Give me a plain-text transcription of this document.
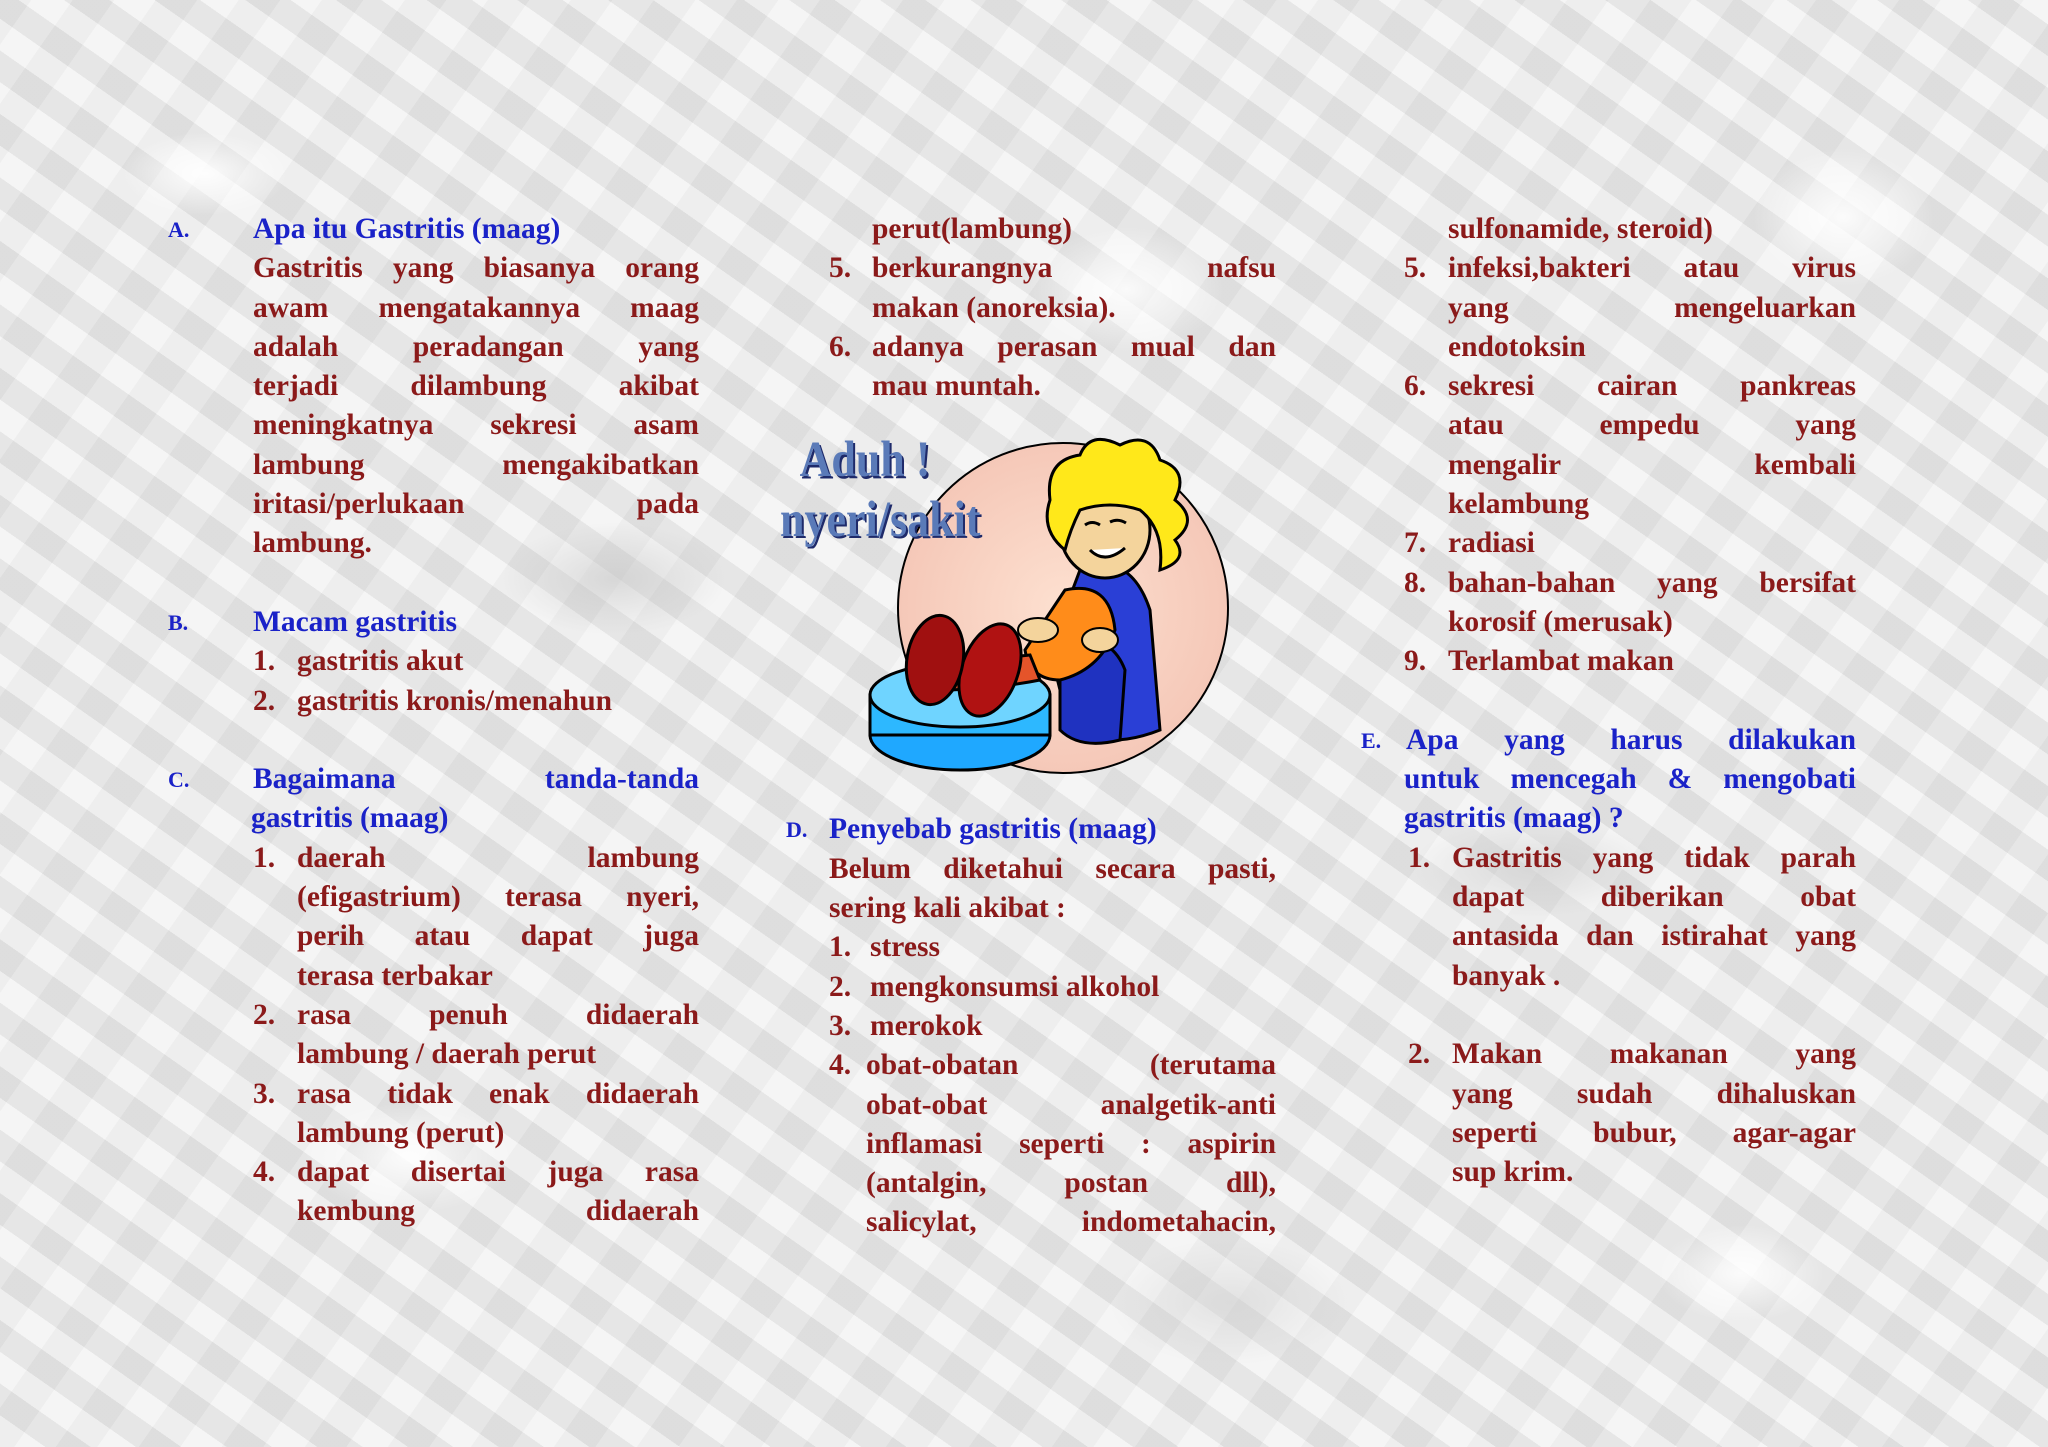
A. Apa itu Gastritis (maag)
Gastritis yang biasanya orang
awam mengatakannya maag
adalah peradangan yang
terjadi dilambung akibat
meningkatnya sekresi asam
lambung mengakibatkan
iritasi/perlukaan pada
lambung.
B. Macam gastritis
1. gastritis akut
2. gastritis kronis/menahun
C. Bagaimana tanda-tanda
gastritis (maag)
1. daerah lambung
(efigastrium) terasa nyeri,
perih atau dapat juga
terasa terbakar
2. rasa penuh didaerah
lambung / daerah perut
3. rasa tidak enak didaerah
lambung (perut)
4. dapat disertai juga rasa
kembung didaerah
perut(lambung)
5. berkurangnya nafsu
makan (anoreksia).
6. adanya perasan mual dan
mau muntah.
D. Penyebab gastritis (maag)
Belum diketahui secara pasti,
sering kali akibat :
1. stress
2. mengkonsumsi alkohol
3. merokok
4. obat-obatan (terutama
obat-obat analgetik-anti
inflamasi seperti : aspirin
(antalgin, postan dll),
salicylat, indometahacin,
Aduh !
nyeri/sakit
sulfonamide, steroid)
5. infeksi,bakteri atau virus
yang mengeluarkan
endotoksin
6. sekresi cairan pankreas
atau empedu yang
mengalir kembali
kelambung
7. radiasi
8. bahan-bahan yang bersifat
korosif (merusak)
9. Terlambat makan
E. Apa yang harus dilakukan
untuk mencegah & mengobati
gastritis (maag) ?
1. Gastritis yang tidak parah
dapat diberikan obat
antasida dan istirahat yang
banyak .
2. Makan makanan yang
yang sudah dihaluskan
seperti bubur, agar-agar
sup krim.
